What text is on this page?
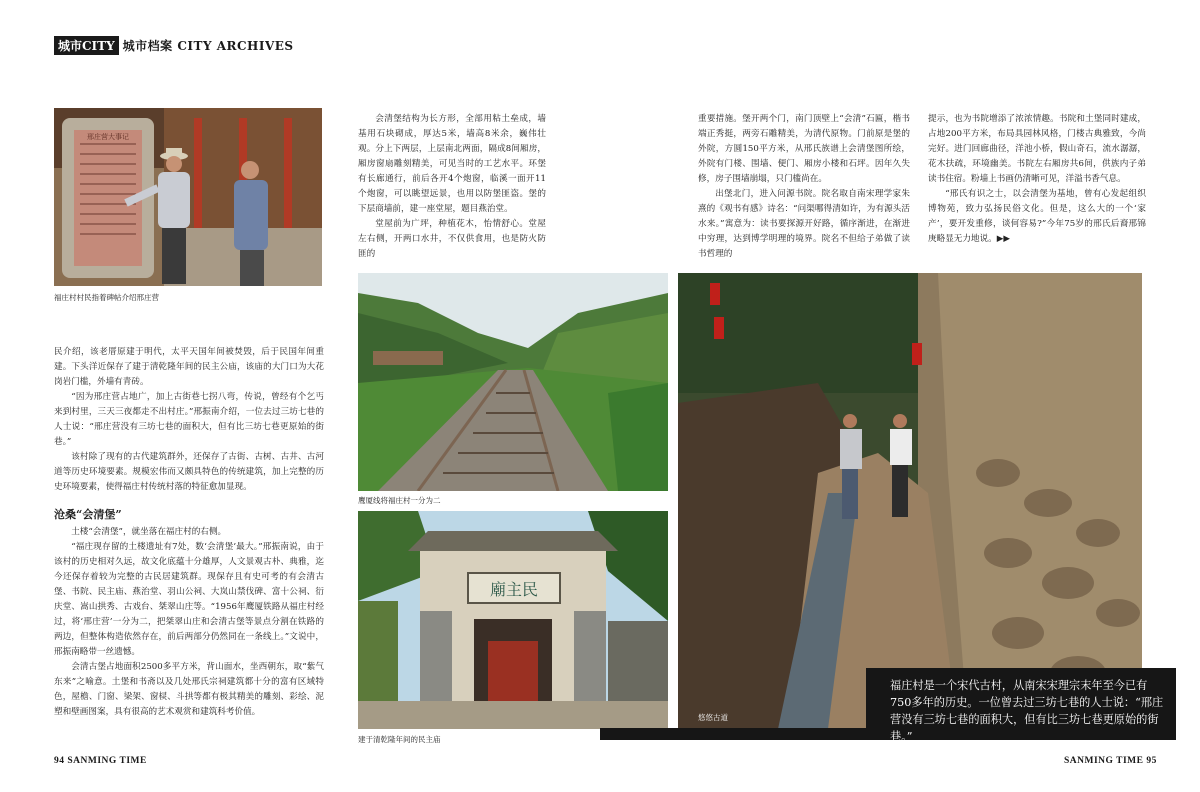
城市CITY 城市档案 CITY ARCHIVES
邢庄营大事记
福庄村村民指着碑帖介绍邢庄营

民介绍，该老厝原建于明代，太平天国年间被焚毁，后于民国年间重建。下头洋近保存了建于清乾隆年间的民主公庙，该庙的大门口为大花岗岩门槛，外墙有青砖。

“因为邢庄营占地广，加上古街巷七拐八弯，传说，曾经有个乞丐来到村里，三天三夜都走不出村庄。”邢振南介绍，一位去过三坊七巷的人士说：“邢庄营没有三坊七巷的面积大，但有比三坊七巷更原始的街巷。”

该村除了现有的古代建筑群外，还保存了古街、古树、古井、古河道等历史环境要素。规模宏伟而又颇具特色的传统建筑，加上完整的历史环境要素，使得福庄村传统村落的特征愈加显现。

沧桑“会清堡”

土楼“会清堡”，就坐落在福庄村的右侧。

“福庄现存留的土楼遗址有7处，数‘会清堡’最大。”邢振南说，由于该村的历史相对久远，故文化底蕴十分雄厚，人文景观古朴、典雅，迄今还保存着较为完整的古民居建筑群。现保存且有史可考的有会清古堡、书院、民主庙、燕治堂、羽山公祠、大岚山禁伐碑、富十公祠、衍庆堂、嵩山拱秀、古戏台、桀翠山庄等。“1956年鹰厦铁路从福庄村经过，将‘邢庄营’一分为二，把桀翠山庄和会清古堡等景点分割在铁路的两边，但整体构造依然存在，前后两部分仍然同在一条线上。”文说中，邢振南略带一丝遗憾。

会清古堡占地面积2500多平方米，背山面水，坐西朝东，取“紫气东来”之喻意。土堡和书斋以及几处邢氏宗祠建筑都十分的富有区域特色，屋檐、门窗、梁架、窗棂、斗拱等都有极其精美的雕刻、彩绘、泥塑和壁画图案，具有很高的艺术观赏和建筑科考价值。

会清堡结构为长方形，全部用粘土垒成，墙基用石块砌成，厚达5米，墙高8米余，巍伟壮观。分上下两层，上层南北两面，隔成8间厢房，厢房窗扇雕刻精美，可见当时的工艺水平。环堡有长廊通行，前后各开4个炮窗，临溪一面开11个炮窗，可以眺望远景，也用以防堡匪盗。堡的下层商墙前，建一座堂屋，题目燕治堂。

堂屋前为广坪，种植花木，怡情舒心。堂屋左右侧，开两口水井，不仅供食用，也是防火防匪的

重要措施。堡开两个门，南门顶壁上“会清”石匾，楷书端正秀挺，两旁石雕精美，为清代原物。门前原是堡的外院，方圆150平方米，从邢氏族谱上会清堡图所绘，外院有门楼、围墙、便门、厢房小楼和石坪。因年久失修，房子围墙崩塌，只门槛尚在。

出堡北门，进入问源书院。院名取自南宋理学家朱熹的《观书有感》诗名：“问渠哪得清如许，为有源头活水来。”寓意为：读书要探源开好路，循序渐进，在渐进中穷理，达到博学明理的境界。院名不但给子弟做了读书哲理的

提示，也为书院增添了浓浓情趣。书院和土堡同时建成，占地200平方米，布局具园林风格，门楼古典雅致，今尚完好。进门回廊曲径，洋池小桥，假山奇石，流水潺潺，花木扶疏，环境幽美。书院左右厢房共6间，供族内子弟读书住宿。粉墙上书画仍清晰可见，洋溢书香气息。

“邢氏有识之士，以会清堡为基地，曾有心发起组织博物苑，致力弘扬民俗文化。但是，这么大的一个‘家产’，要开发重修，谈何容易?”今年75岁的邢氏后裔邢锦庚略显无力地说。▶▶

鹰厦线将福庄村一分为二
廟主民
建于清乾隆年间的民主庙
悠悠古道
福庄村是一个宋代古村，从南宋宋理宗末年至今已有750多年的历史。一位曾去过三坊七巷的人士说：“邢庄营没有三坊七巷的面积大，但有比三坊七巷更原始的街巷。”
94 SANMING TIME	SANMING TIME 95
